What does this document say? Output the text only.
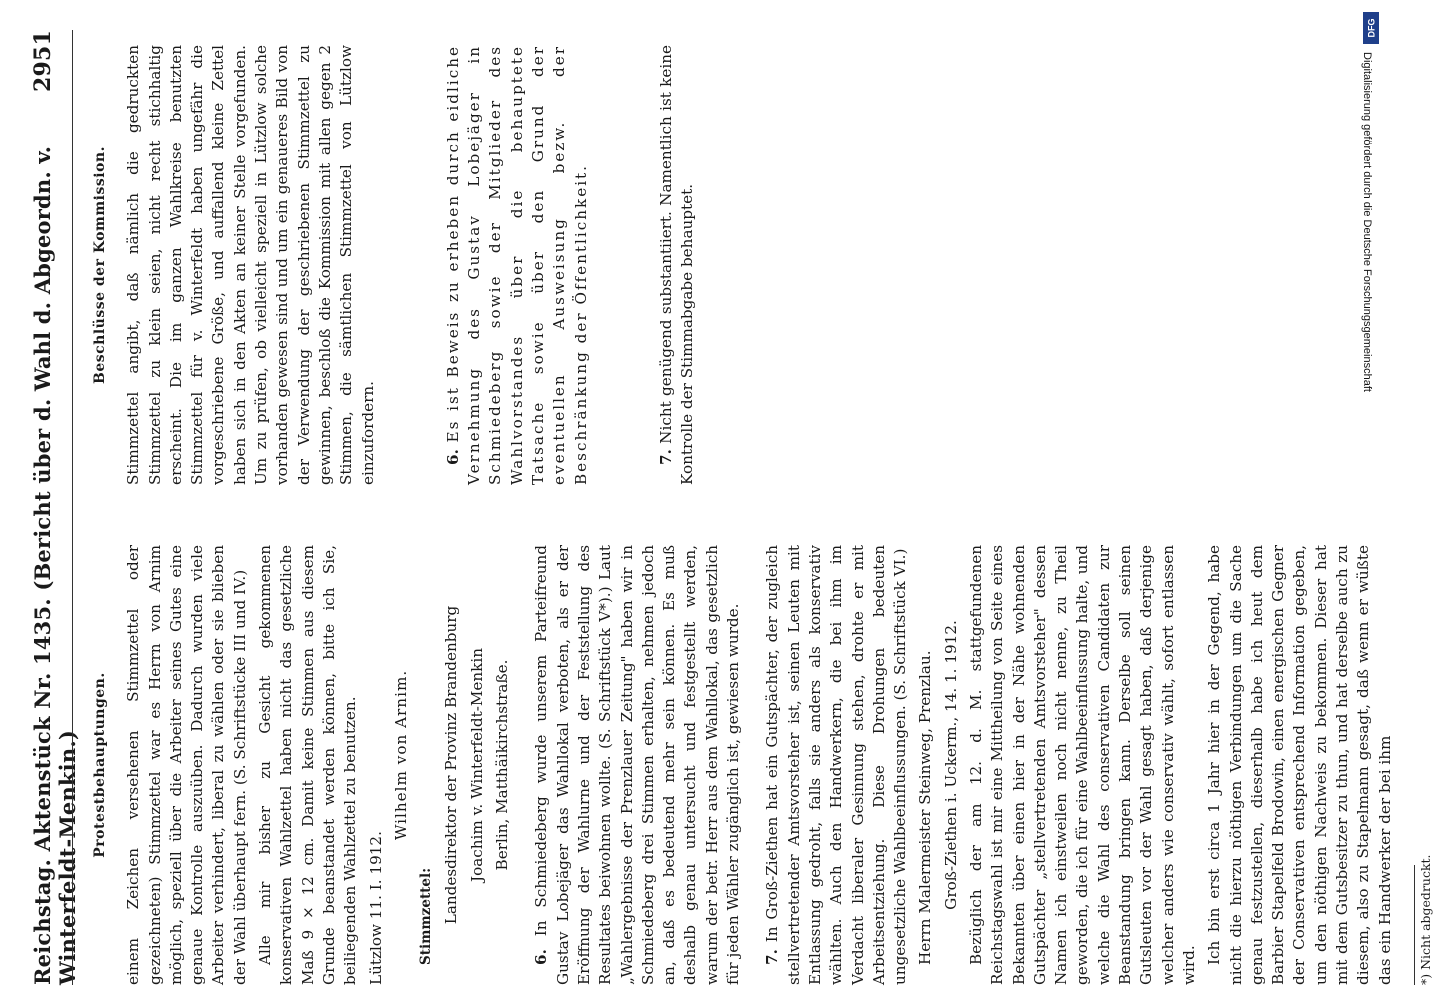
Reichstag. Aktenstück Nr. 1435. (Bericht über d. Wahl d. Abgeordn. v. Winterfeldt-Menkin.)
2951
Protestbehauptungen. einem Zeichen versehenen Stimmzettel oder gezeichneten) Stimmzettel war es Herrn von Arnim möglich, speziell über die Arbeiter seines Gutes eine genaue Kontrolle auszuüben. Dadurch wurden viele Arbeiter verhindert, liberal zu wählen oder sie blieben der Wahl überhaupt fern. (S. Schriftstücke III und IV.) Alle mir bisher zu Gesicht gekommenen konservativen Wahlzettel haben nicht das gesetzliche Maß 9 × 12 cm. Damit keine Stimmen aus diesem Grunde beanstandet werden können, bitte ich Sie, beiliegenden Wahlzettel zu benutzen. Lützlow 11. I. 1912.

Wilhelm von Arnim.

Stimmzettel: Landesdirektor der Provinz Brandenburg Joachim v. Winterfeldt-Menkin Berlin, Matthäikirchstraße.

6. In Schmiedeberg wurde unserem Parteifreund Gustav Lobejäger das Wahllokal verboten, als er der Eröffnung der Wahlurne und der Feststellung des Resultates beiwohnen wollte. (S. Schriftstück V*).) Laut „Wahlergebnisse der Prenzlauer Zeitung" haben wir in Schmiedeberg drei Stimmen erhalten, nehmen jedoch an, daß es bedeutend mehr sein können. Es muß deshalb genau untersucht und festgestellt werden, warum der betr. Herr aus dem Wahllokal, das gesetzlich für jeden Wähler zugänglich ist, gewiesen wurde. 7. In Groß-Ziethen hat ein Gutspächter, der zugleich stellvertretender Amtsvorsteher ist, seinen Leuten mit Entlassung gedroht, falls sie anders als konservativ wählten. Auch den Handwerkern, die bei ihm im Verdacht liberaler Gesinnung stehen, drohte er mit Arbeitsentziehung. Diese Drohungen bedeuten ungesetzliche Wahlbeeinflussungen. (S. Schriftstück VI.) Herrn Malermeister Steinweg, Prenzlau. Groß-Ziethen i. Uckerm., 14. 1. 1912. Bezüglich der am 12. d. M. stattgefundenen Reichstagswahl ist mir eine Mittheilung von Seite eines Bekannten über einen hier in der Nähe wohnenden Gutspächter „stellvertretenden Amtsvorsteher" dessen Namen ich einstweilen noch nicht nenne, zu Theil geworden, die ich für eine Wahlbeeinflussung halte, und welche die Wahl des conservativen Candidaten zur Beanstandung bringen kann. Derselbe soll seinen Gutsleuten vor der Wahl gesagt haben, daß derjenige welcher anders wie conservativ wählt, sofort entlassen wird.

Ich bin erst circa 1 Jahr hier in der Gegend, habe nicht die hierzu nöthigen Verbindungen um die Sache genau festzustellen, dieserhalb habe ich heut dem Barbier Stapelfeld Brodowin, einen energischen Gegner der Conservativen entsprechend Information gegeben, um den nöthigen Nachweis zu bekommen. Dieser hat mit dem Gutsbesitzer zu thun, und hat derselbe auch zu diesem, also zu Stapelmann gesagt, daß wenn er wüßte das ein Handwerker der bei ihm *) Nicht abgedruckt.

Beschlüsse der Kommission. Stimmzettel angibt, daß nämlich die gedruckten Stimmzettel zu klein seien, nicht recht stichhaltig erscheint. Die im ganzen Wahlkreise benutzten Stimmzettel für v. Winterfeldt haben ungefähr die vorgeschriebene Größe, und auffallend kleine Zettel haben sich in den Akten an keiner Stelle vorgefunden. Um zu prüfen, ob vielleicht speziell in Lützlow solche vorhanden gewesen sind und um ein genaueres Bild von der Verwendung der geschriebenen Stimmzettel zu gewinnen, beschloß die Kommission mit allen gegen 2 Stimmen, die sämtlichen Stimmzettel von Lützlow einzufordern.	6. Es ist Beweis zu erheben durch eidliche Vernehmung des Gustav Lobejäger in Schmiedeberg sowie der Mitglieder des Wahlvorstandes über die behauptete Tatsache sowie über den Grund der eventuellen Ausweisung bezw. der Beschränkung der Öffentlichkeit.	7. Nicht genügend substantiiert. Namentlich ist keine Kontrolle der Stimmabgabe behauptet.

DFG
Digitalisierung gefördert durch die Deutsche Forschungsgemeinschaft
